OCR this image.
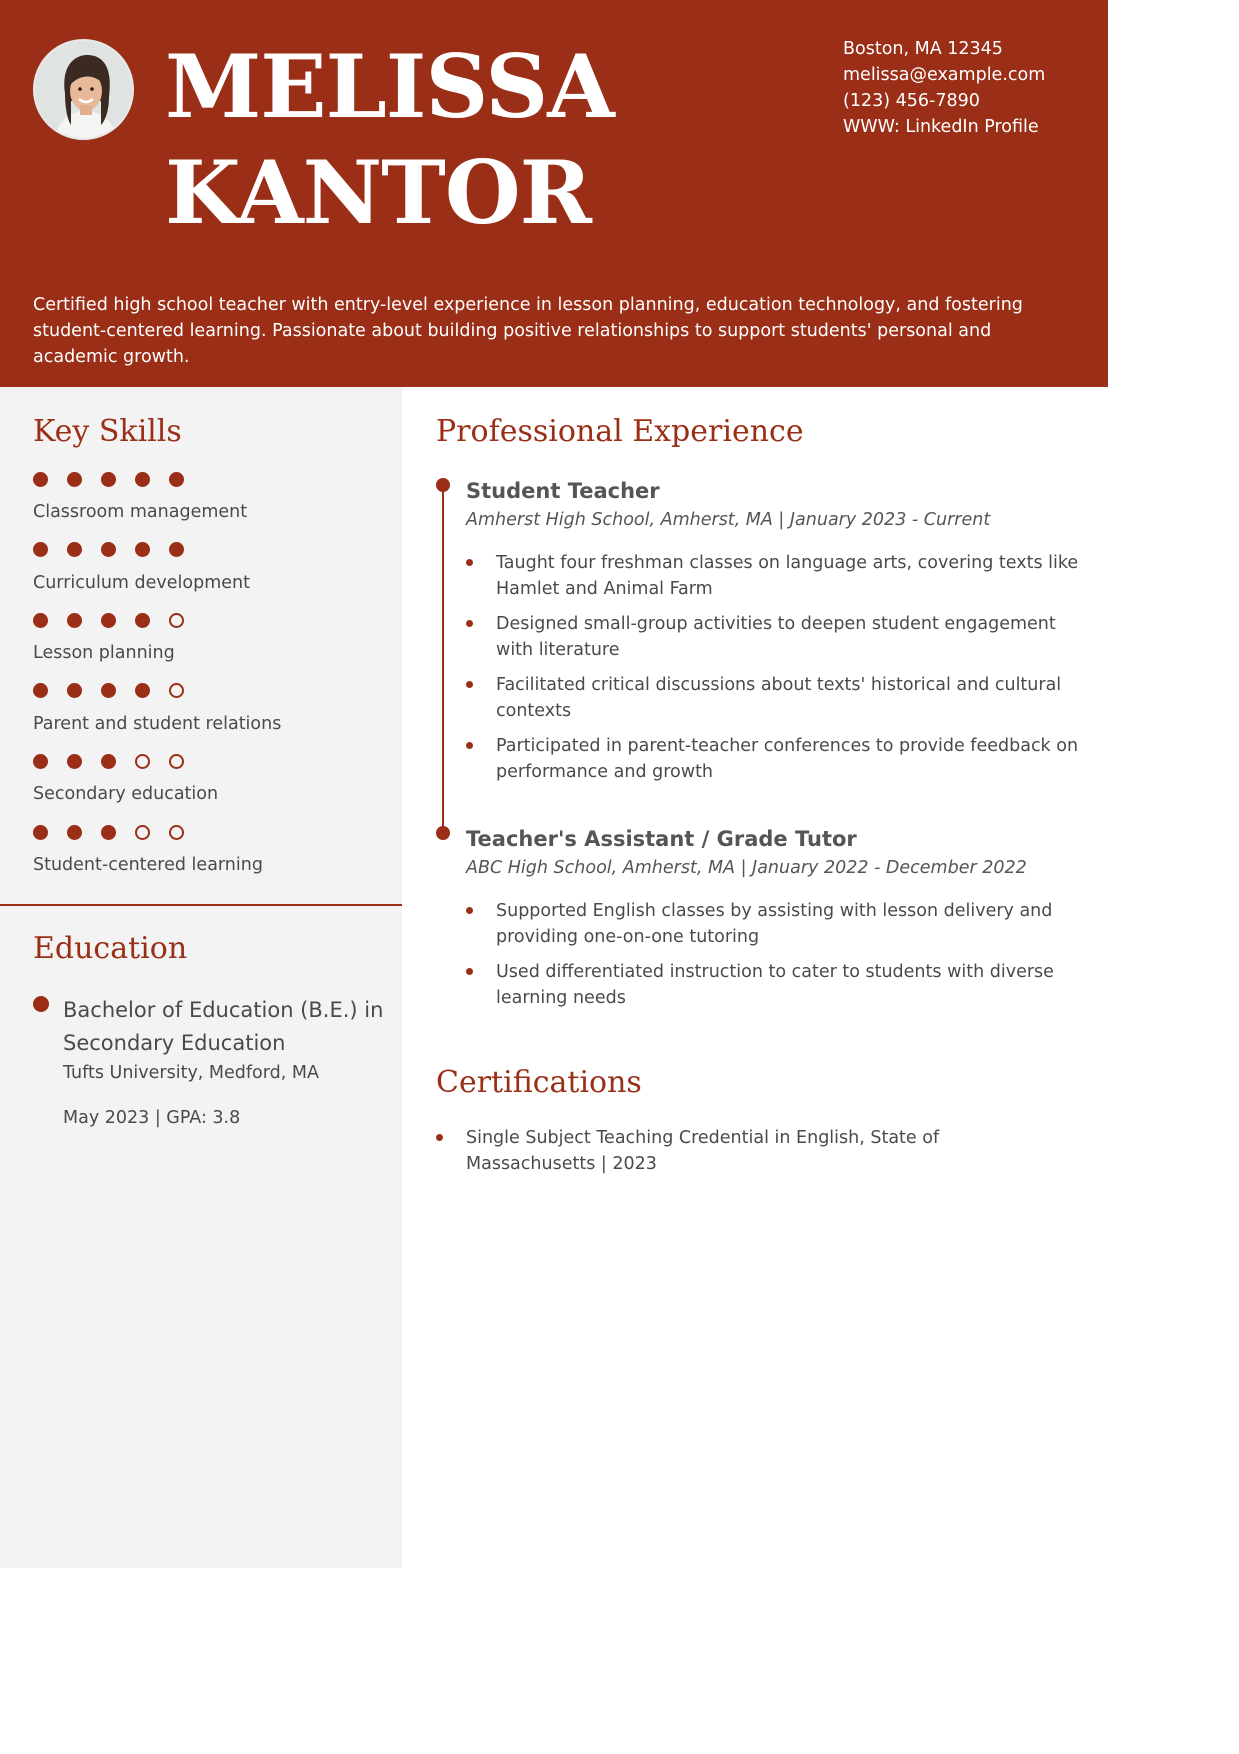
MELISSA
KANTOR
Boston, MA 12345
melissa@example.com
(123) 456-7890
WWW: LinkedIn Profile
Certified high school teacher with entry-level experience in lesson planning, education technology, and fostering student-centered learning. Passionate about building positive relationships to support students' personal and academic growth.
Key Skills
Classroom management
Curriculum development
Lesson planning
Parent and student relations
Secondary education
Student-centered learning
Education
Bachelor of Education (B.E.) in Secondary Education
Tufts University, Medford, MA
May 2023 | GPA: 3.8
Professional Experience
Student Teacher
Amherst High School, Amherst, MA | January 2023 - Current
Taught four freshman classes on language arts, covering texts like Hamlet and Animal Farm
Designed small-group activities to deepen student engagement with literature
Facilitated critical discussions about texts' historical and cultural contexts
Participated in parent-teacher conferences to provide feedback on performance and growth
Teacher's Assistant / Grade Tutor
ABC High School, Amherst, MA | January 2022 - December 2022
Supported English classes by assisting with lesson delivery and providing one-on-one tutoring
Used differentiated instruction to cater to students with diverse learning needs
Certifications
Single Subject Teaching Credential in English, State of Massachusetts | 2023
